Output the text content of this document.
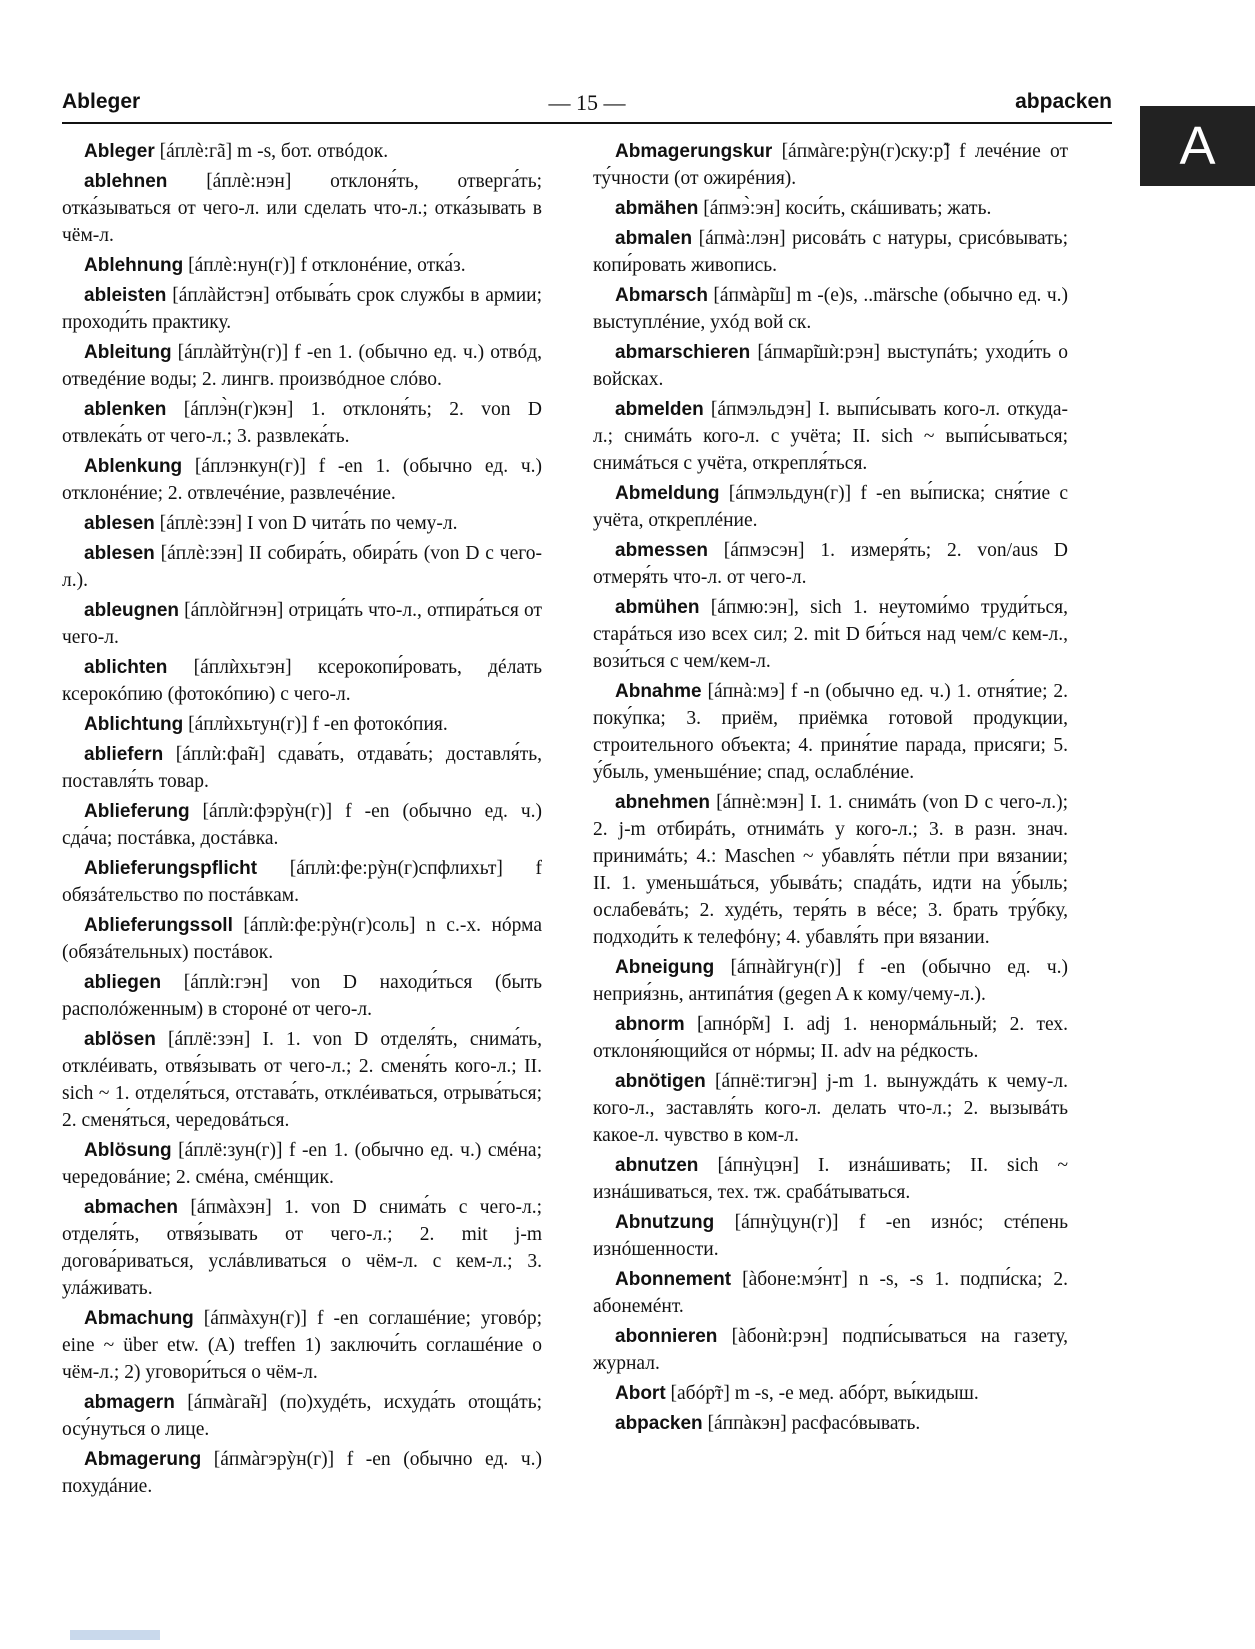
Ableger	— 15 —	abpacken
A

Ableger [áплè:гã] m -s, бот. отвóдок.

ablehnen [áплè:нэн] отклоня́ть, отверга́ть; отка́зываться от чего-л. или сделать что-л.; отка́зывать в чём-л.

Ablehnung [áплè:нун(г)] f отклонéние, отка́з.

ableisten [áплàйстэн] отбыва́ть срок службы в армии; проходи́ть практику.

Ableitung [áплàйтỳн(г)] f -en 1. (обычно ед. ч.) отвóд, отведéние воды; 2. лингв. произвóдное слóво.

ablenken [áплэ̀н(г)кэн] 1. отклоня́ть; 2. von D отвлека́ть от чего-л.; 3. развлека́ть.

Ablenkung [áплэнкун(г)] f -en 1. (обычно ед. ч.) отклонéние; 2. отвлечéние, развлечéние.

ablesen [áплè:зэн] I von D чита́ть по чему-л.

ablesen [áплè:зэн] II собира́ть, обира́ть (von D с чего-л.).

ableugnen [áплòйгнэн] отрица́ть что-л., отпира́ться от чего-л.

ablichten [áплѝхьтэн] ксерокопи́ровать, дéлать ксерокóпию (фотокóпию) с чего-л.

Ablichtung [áплѝхьтун(г)] f -en фотокóпия.

abliefern [áплѝ:фа̃н] сдава́ть, отдава́ть; доставля́ть, поставля́ть товар.

Ablieferung [áплѝ:фэрỳн(г)] f -en (обычно ед. ч.) сда́ча; постáвка, достáвка.

Ablieferungspflicht [áплѝ:фе:рỳн(г)спфлихьт] f обязáтельство по постáвкам.

Ablieferungssoll [áплѝ:фе:рỳн(г)соль] n с.-х. нóрма (обязáтельных) постáвок.

abliegen [áплѝ:гэн] von D находи́ться (быть располóженным) в сторонé от чего-л.

ablösen [áплё:зэн] I. 1. von D отделя́ть, снима́ть, отклéивать, отвя́зывать от чего-л.; 2. сменя́ть кого-л.; II. sich ~ 1. отделя́ться, отстава́ть, отклéиваться, отрыва́ться; 2. сменя́ться, чередовáться.

Ablösung [áплё:зун(г)] f -en 1. (обычно ед. ч.) смéна; чередовáние; 2. смéна, смéнщик.

abmachen [áпмàхэн] 1. von D снима́ть с чего-л.; отделя́ть, отвя́зывать от чего-л.; 2. mit j-m догова́риваться, услáвливаться о чём-л. с кем-л.; 3. улáживать.

Abmachung [áпмàхун(г)] f -en соглашéние; уговóр; eine ~ über etw. (A) treffen 1) заключи́ть соглашéние о чём-л.; 2) уговори́ться о чём-л.

abmagern [áпмàга̃н] (по)худéть, исхуда́ть отощáть; осу́нуться о лице.

Abmagerung [áпмàгэрỳн(г)] f -en (обычно ед. ч.) похудáние.

Abmagerungskur [áпмàге:рỳн(г)ску:р̃] f лечéние от ту́чности (от ожирéния).

abmähen [áпмэ̀:эн] коси́ть, скáшивать; жать.

abmalen [áпмà:лэн] рисовáть с натуры, срисóвывать; копи́ровать живопись.

Abmarsch [áпмàр̃ш] m -(e)s, ..märsche (обычно ед. ч.) выступлéние, ухóд вой ск.

abmarschieren [áпмар̃шѝ:рэн] выступáть; уходи́ть о войсках.

abmelden [áпмэльдэн] I. выпи́сывать кого-л. откуда-л.; снимáть кого-л. с учёта; II. sich ~ выпи́сываться; снимáться с учёта, открепля́ться.

Abmeldung [áпмэльдун(г)] f -en вы́писка; сня́тие с учёта, откреплéние.

abmessen [áпмэсэн] 1. измеря́ть; 2. von/aus D отмеря́ть что-л. от чего-л.

abmühen [áпмю:эн], sich 1. неутоми́мо труди́ться, старáться изо всех сил; 2. mit D би́ться над чем/с кем-л., вози́ться с чем/кем-л.

Abnahme [áпнà:мэ] f -n (обычно ед. ч.) 1. отня́тие; 2. поку́пка; 3. приём, приёмка готовой продукции, строительного объекта; 4. приня́тие парада, присяги; 5. у́быль, уменьшéние; спад, ослаблéние.

abnehmen [áпнè:мэн] I. 1. снимáть (von D с чего-л.); 2. j-m отбирáть, отнимáть у кого-л.; 3. в разн. знач. принимáть; 4.: Maschen ~ убавля́ть пéтли при вязании; II. 1. уменьшáться, убывáть; спадáть, идти на у́быль; ослабевáть; 2. худéть, теря́ть в вéсе; 3. брать тру́бку, подходи́ть к телефóну; 4. убавля́ть при вязании.

Abneigung [áпнàйгун(г)] f -en (обычно ед. ч.) неприя́знь, антипáтия (gegen A к кому/чему-л.).

abnorm [апнóр̃м] I. adj 1. ненормáльный; 2. тех. отклоня́ющийся от нóрмы; II. adv на рéдкость.

abnötigen [áпнё:тигэн] j-m 1. вынуждáть к чему-л. кого-л., заставля́ть кого-л. делать что-л.; 2. вызывáть какое-л. чувство в ком-л.

abnutzen [áпнỳцэн] I. изнáшивать; II. sich ~ изнáшиваться, тех. тж. срабáтываться.

Abnutzung [áпнỳцун(г)] f -en изнóс; стéпень изнóшенности.

Abonnement [àбоне:мэ́нт] n -s, -s 1. подпи́ска; 2. абонемéнт.

abonnieren [àбонѝ:рэн] подпи́сываться на газету, журнал.

Abort [абóр̃т] m -s, -e мед. абóрт, вы́кидыш.

abpacken [áппàкэн] расфасóвывать.
